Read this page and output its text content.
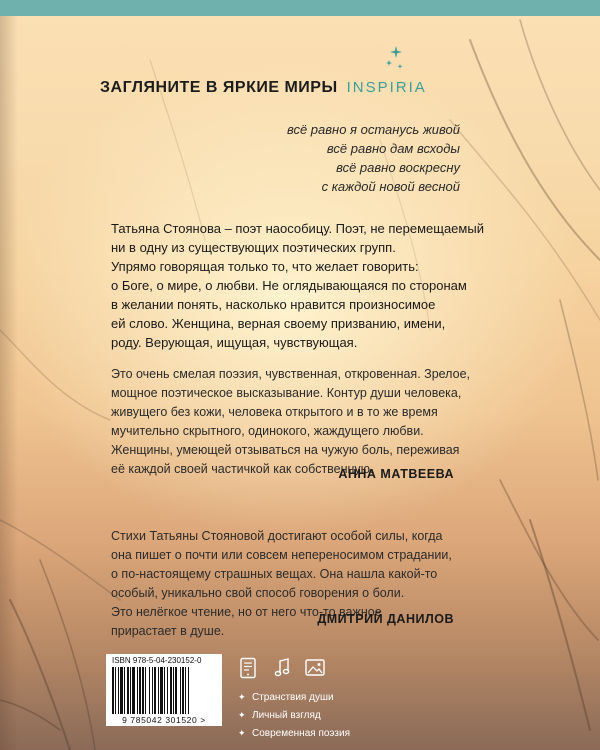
ЗАГЛЯНИТЕ В ЯРКИЕ МИРЫ INSPIRIA
всё равно я останусь живой
всё равно дам всходы
всё равно воскресну
с каждой новой весной
Татьяна Стоянова – поэт наособицу. Поэт, не перемещаемый
ни в одну из существующих поэтических групп.
Упрямо говорящая только то, что желает говорить:
о Боге, о мире, о любви. Не оглядывающаяся по сторонам
в желании понять, насколько нравится произносимое
ей слово. Женщина, верная своему призванию, имени,
роду. Верующая, ищущая, чувствующая.
Это очень смелая поэзия, чувственная, откровенная. Зрелое,
мощное поэтическое высказывание. Контур души человека,
живущего без кожи, человека открытого и в то же время
мучительно скрытного, одинокого, жаждущего любви.
Женщины, умеющей отзываться на чужую боль, переживая
её каждой своей частичкой как собственную.
АННА МАТВЕЕВА
Стихи Татьяны Стояновой достигают особой силы, когда
она пишет о почти или совсем непереносимом страдании,
о по-настоящему страшных вещах. Она нашла какой-то
особый, уникально свой способ говорения о боли.
Это нелёгкое чтение, но от него что-то важное
прирастает в душе.
ДМИТРИЙ ДАНИЛОВ
ISBN 978-5-04-230152-0
9 785042 301520 >
✦ Странствия души
✦ Личный взгляд
✦ Современная поэзия
